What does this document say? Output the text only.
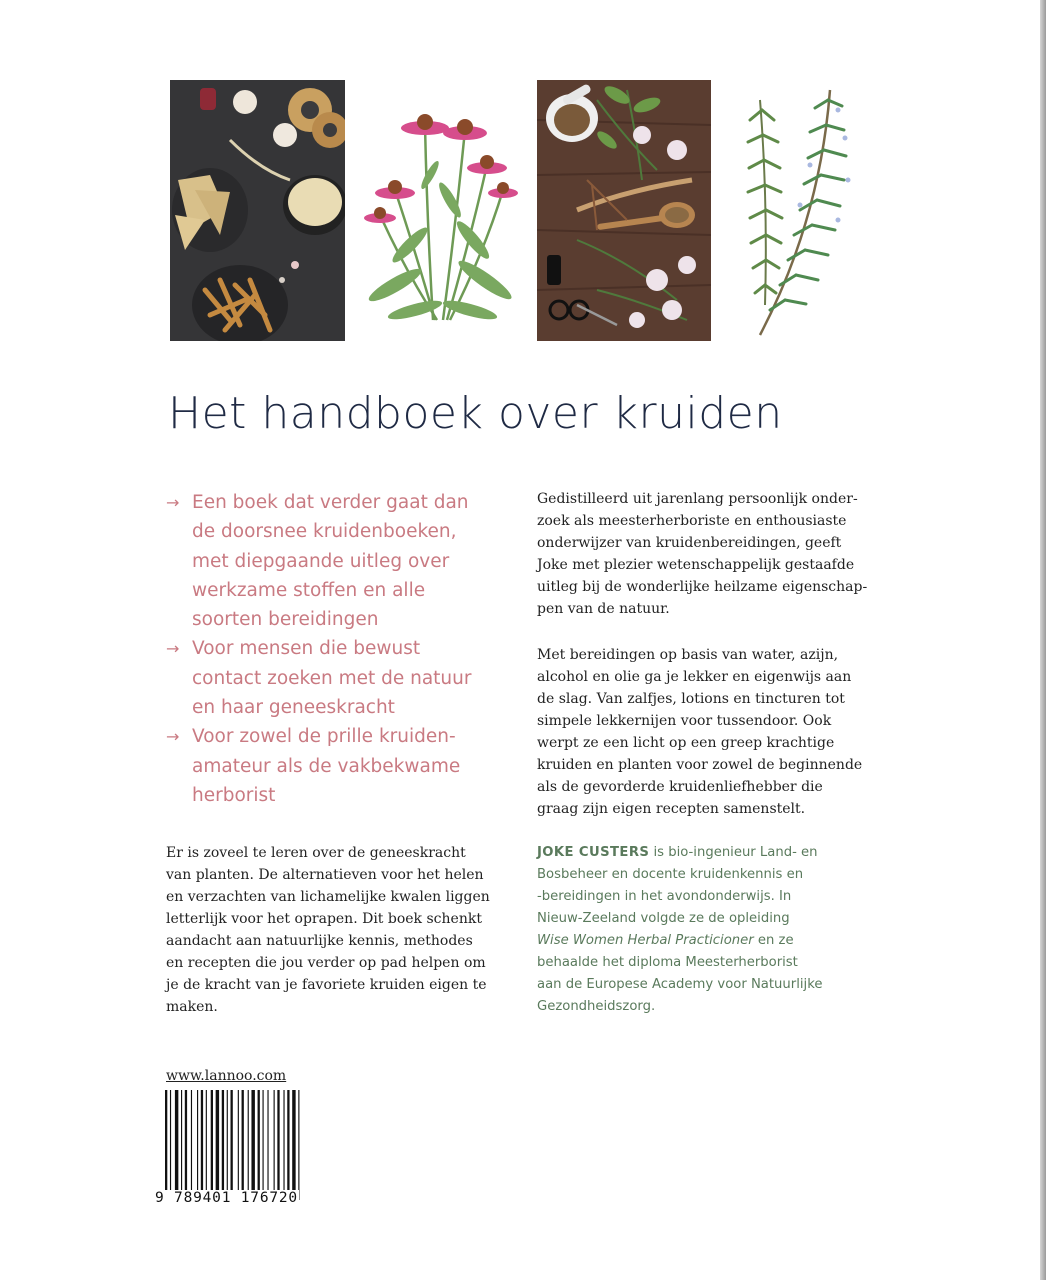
Het handboek over kruiden
→ Een boek dat verder gaat dan
de doorsnee kruidenboeken,
met diepgaande uitleg over
werkzame stoffen en alle
soorten bereidingen
→ Voor mensen die bewust
contact zoeken met de natuur
en haar geneeskracht
→ Voor zowel de prille kruiden-
amateur als de vakbekwame
herborist
Er is zoveel te leren over de geneeskracht
van planten. De alternatieven voor het helen
en verzachten van lichamelijke kwalen liggen
letterlijk voor het oprapen. Dit boek schenkt
aandacht aan natuurlijke kennis, methodes
en recepten die jou verder op pad helpen om
je de kracht van je favoriete kruiden eigen te
maken.
Gedistilleerd uit jarenlang persoonlijk onder-
zoek als meesterherboriste en enthousiaste
onderwijzer van kruidenbereidingen, geeft
Joke met plezier wetenschappelijk gestaafde
uitleg bij de wonderlijke heilzame eigenschap-
pen van de natuur.
Met bereidingen op basis van water, azijn,
alcohol en olie ga je lekker en eigenwijs aan
de slag. Van zalfjes, lotions en tincturen tot
simpele lekkernijen voor tussendoor. Ook
werpt ze een licht op een greep krachtige
kruiden en planten voor zowel de beginnende
als de gevorderde kruidenliefhebber die
graag zijn eigen recepten samenstelt.
JOKE CUSTERS is bio-ingenieur Land- en
Bosbeheer en docente kruidenkennis en
-bereidingen in het avondonderwijs. In
Nieuw-Zeeland volgde ze de opleiding
Wise Women Herbal Practicioner en ze
behaalde het diploma Meesterherborist
aan de Europese Academy voor Natuurlijke
Gezondheidszorg.
www.lannoo.com
9 789401 176720
